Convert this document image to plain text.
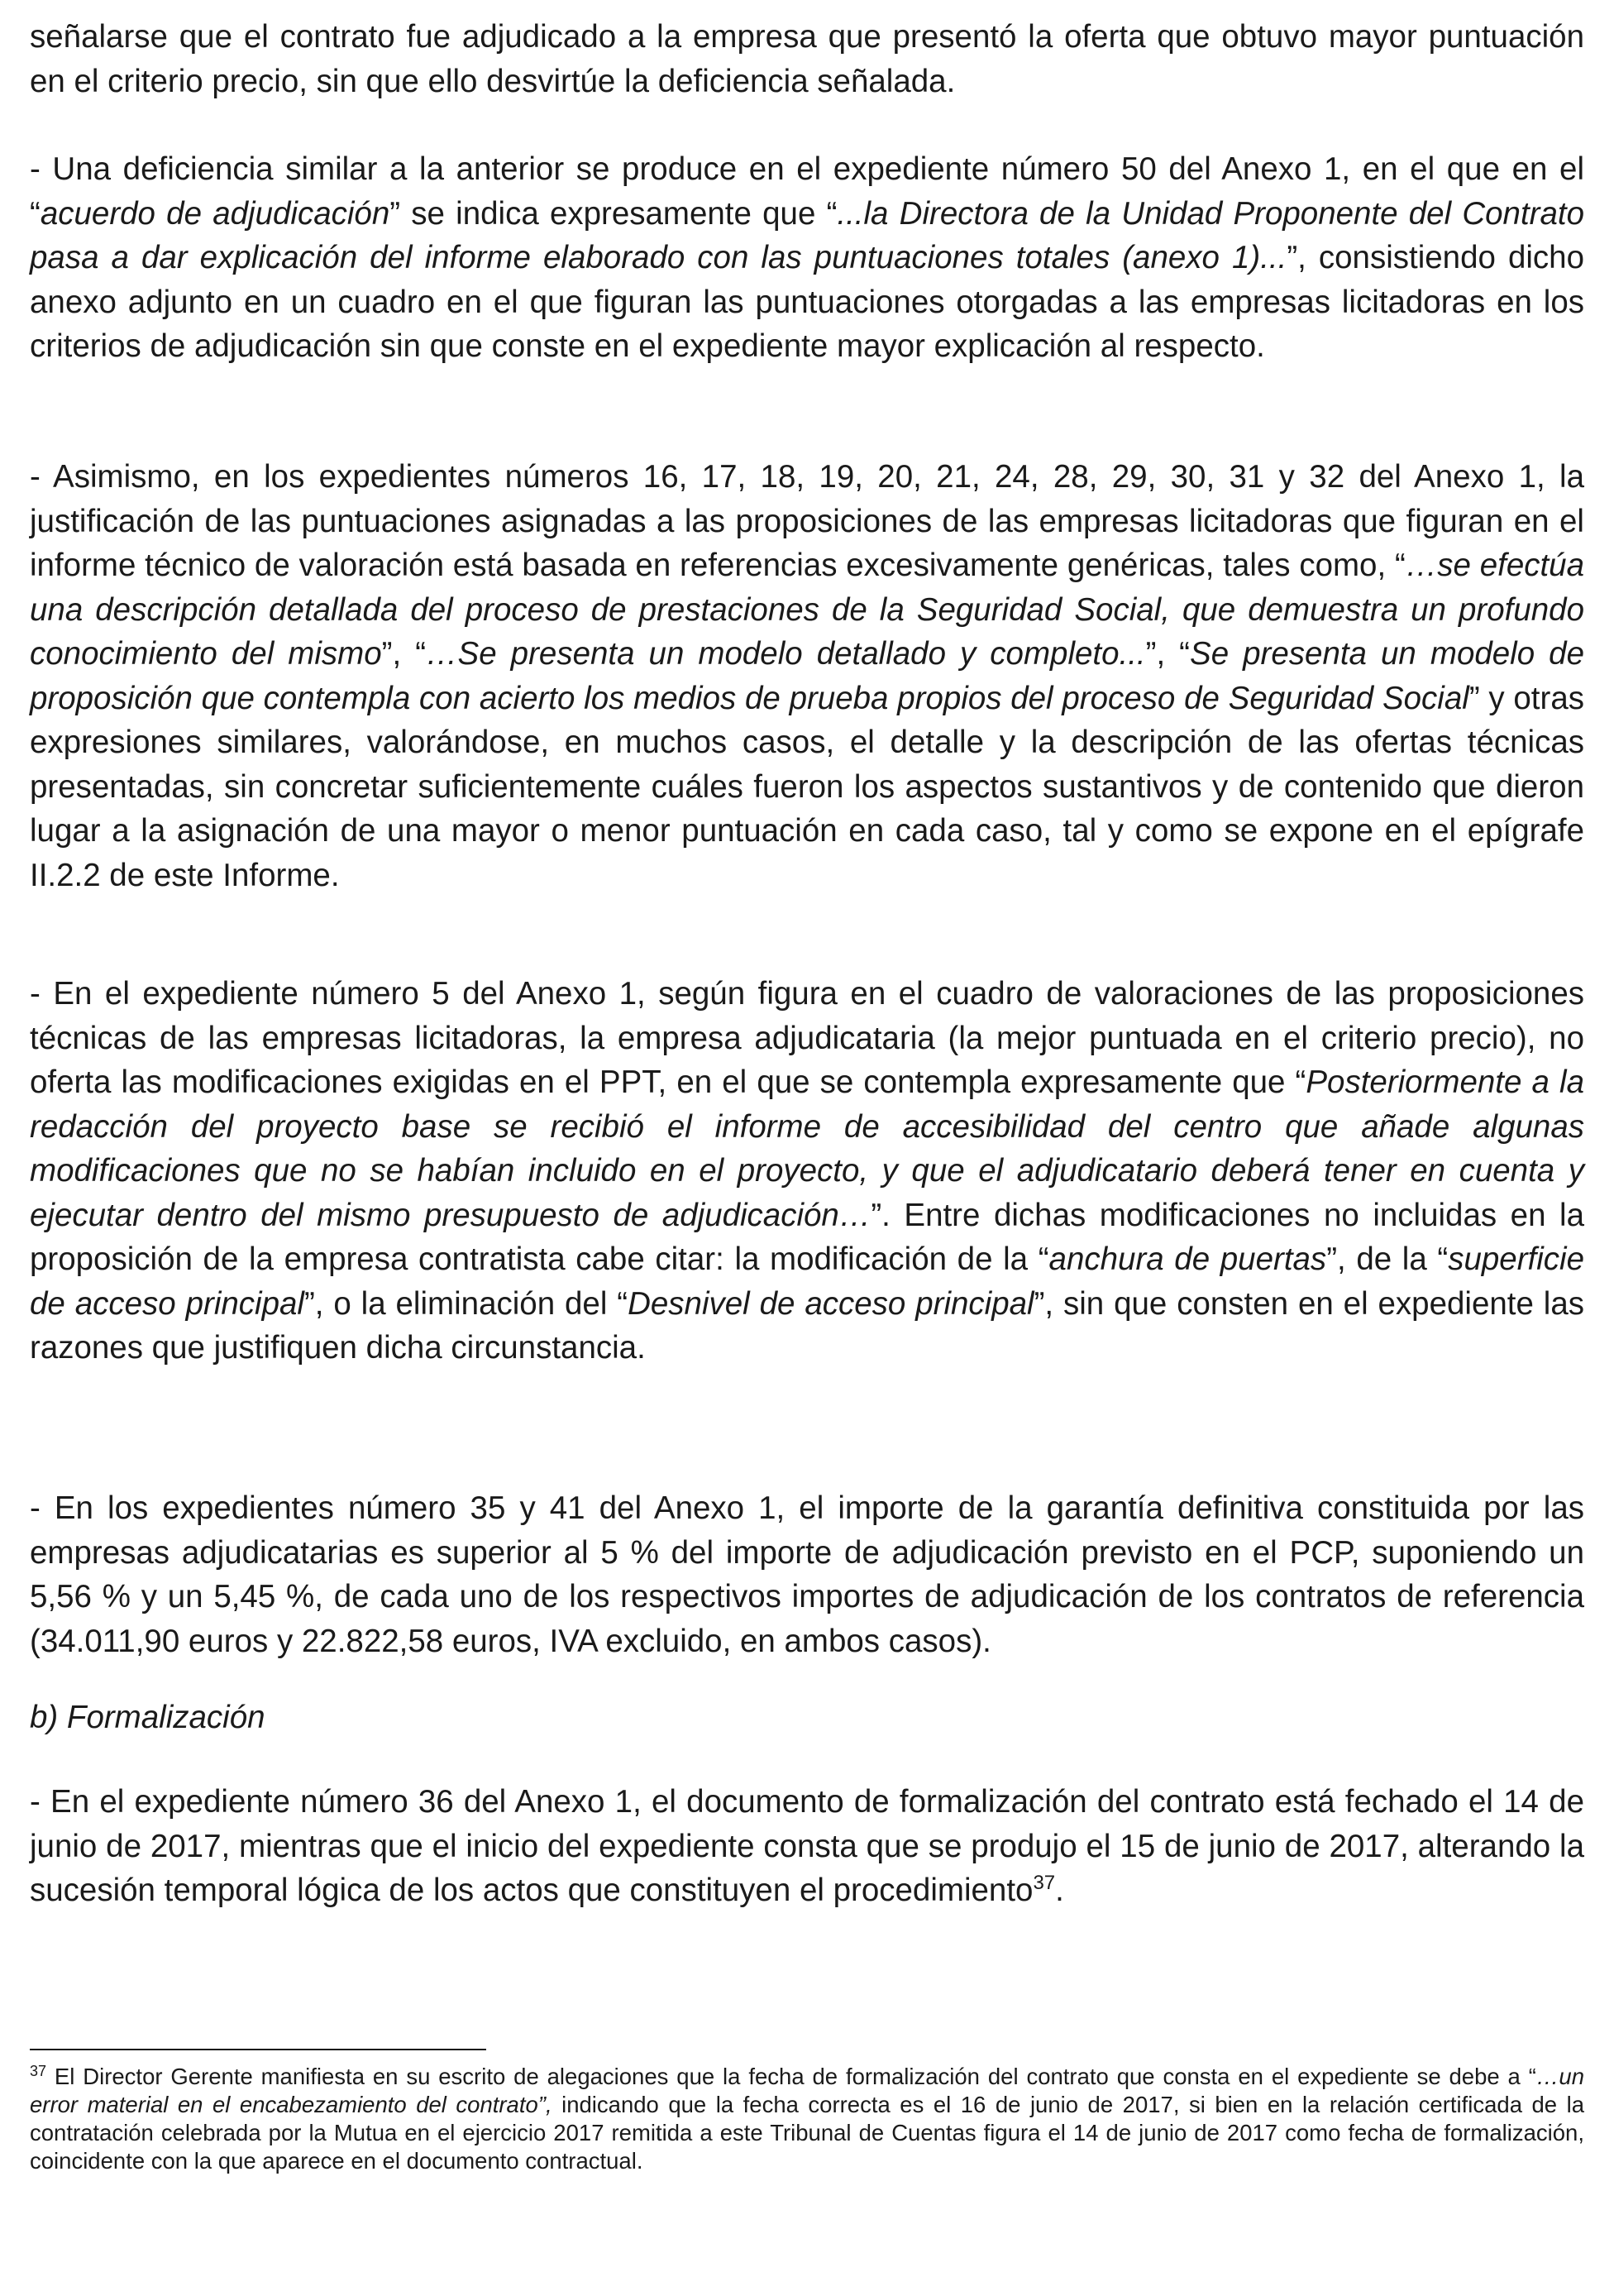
señalarse que el contrato fue adjudicado a la empresa que presentó la oferta que obtuvo mayor puntuación en el criterio precio, sin que ello desvirtúe la deficiencia señalada.

- Una deficiencia similar a la anterior se produce en el expediente número 50 del Anexo 1, en el que en el “acuerdo de adjudicación” se indica expresamente que “...la Directora de la Unidad Proponente del Contrato pasa a dar explicación del informe elaborado con las puntuaciones totales (anexo 1)...”, consistiendo dicho anexo adjunto en un cuadro en el que figuran las puntuaciones otorgadas a las empresas licitadoras en los criterios de adjudicación sin que conste en el expediente mayor explicación al respecto.

- Asimismo, en los expedientes números 16, 17, 18, 19, 20, 21, 24, 28, 29, 30, 31 y 32 del Anexo 1, la justificación de las puntuaciones asignadas a las proposiciones de las empresas licitadoras que figuran en el informe técnico de valoración está basada en referencias excesivamente genéricas, tales como, “…se efectúa una descripción detallada del proceso de prestaciones de la Seguridad Social, que demuestra un profundo conocimiento del mismo”, “…Se presenta un modelo detallado y completo...”, “Se presenta un modelo de proposición que contempla con acierto los medios de prueba propios del proceso de Seguridad Social” y otras expresiones similares, valorándose, en muchos casos, el detalle y la descripción de las ofertas técnicas presentadas, sin concretar suficientemente cuáles fueron los aspectos sustantivos y de contenido que dieron lugar a la asignación de una mayor o menor puntuación en cada caso, tal y como se expone en el epígrafe II.2.2 de este Informe.

- En el expediente número 5 del Anexo 1, según figura en el cuadro de valoraciones de las proposiciones técnicas de las empresas licitadoras, la empresa adjudicataria (la mejor puntuada en el criterio precio), no oferta las modificaciones exigidas en el PPT, en el que se contempla expresamente que “Posteriormente a la redacción del proyecto base se recibió el informe de accesibilidad del centro que añade algunas modificaciones que no se habían incluido en el proyecto, y que el adjudicatario deberá tener en cuenta y ejecutar dentro del mismo presupuesto de adjudicación…”. Entre dichas modificaciones no incluidas en la proposición de la empresa contratista cabe citar: la modificación de la “anchura de puertas”, de la “superficie de acceso principal”, o la eliminación del “Desnivel de acceso principal”, sin que consten en el expediente las razones que justifiquen dicha circunstancia.

- En los expedientes número 35 y 41 del Anexo 1, el importe de la garantía definitiva constituida por las empresas adjudicatarias es superior al 5 % del importe de adjudicación previsto en el PCP, suponiendo un 5,56 % y un 5,45 %, de cada uno de los respectivos importes de adjudicación de los contratos de referencia (34.011,90 euros y 22.822,58 euros, IVA excluido, en ambos casos).

b) Formalización

- En el expediente número 36 del Anexo 1, el documento de formalización del contrato está fechado el 14 de junio de 2017, mientras que el inicio del expediente consta que se produjo el 15 de junio de 2017, alterando la sucesión temporal lógica de los actos que constituyen el procedimiento$^{37}$.

$^{37}$ El Director Gerente manifiesta en su escrito de alegaciones que la fecha de formalización del contrato que consta en el expediente se debe a “…un error material en el encabezamiento del contrato”, indicando que la fecha correcta es el 16 de junio de 2017, si bien en la relación certificada de la contratación celebrada por la Mutua en el ejercicio 2017 remitida a este Tribunal de Cuentas figura el 14 de junio de 2017 como fecha de formalización, coincidente con la que aparece en el documento contractual.
